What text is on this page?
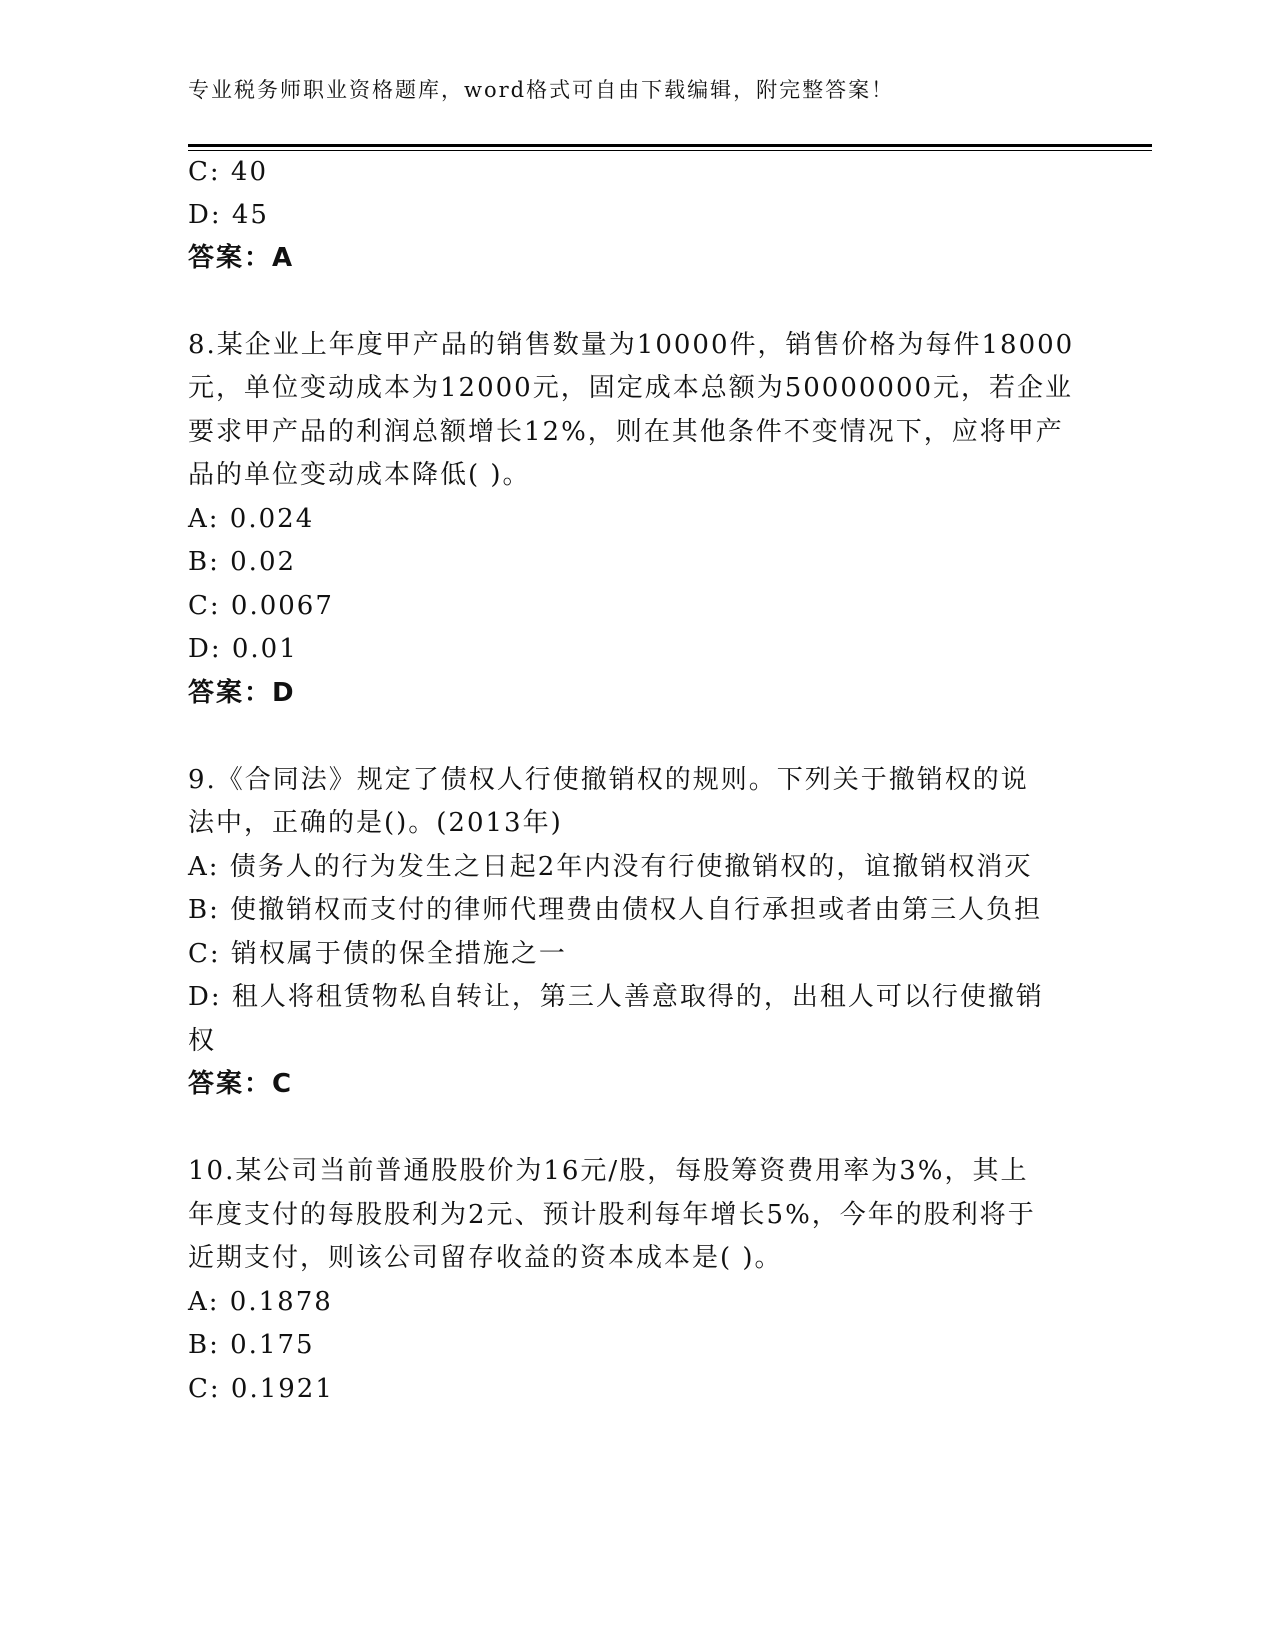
专业税务师职业资格题库，word格式可自由下载编辑，附完整答案！
C: 40
D: 45
答案：A
8.某企业上年度甲产品的销售数量为10000件，销售价格为每件18000
元，单位变动成本为12000元，固定成本总额为50000000元，若企业
要求甲产品的利润总额增长12%，则在其他条件不变情况下，应将甲产
品的单位变动成本降低( )。
A: 0.024
B: 0.02
C: 0.0067
D: 0.01
答案：D
9.《合同法》规定了债权人行使撤销权的规则。下列关于撤销权的说
法中，正确的是()。(2013年)
A: 债务人的行为发生之日起2年内没有行使撤销权的，谊撤销权消灭
B: 使撤销权而支付的律师代理费由债权人自行承担或者由第三人负担
C: 销权属于债的保全措施之一
D: 租人将租赁物私自转让，第三人善意取得的，出租人可以行使撤销
权
答案：C
10.某公司当前普通股股价为16元/股，每股筹资费用率为3%，其上
年度支付的每股股利为2元、预计股利每年增长5%，今年的股利将于
近期支付，则该公司留存收益的资本成本是( )。
A: 0.1878
B: 0.175
C: 0.1921
